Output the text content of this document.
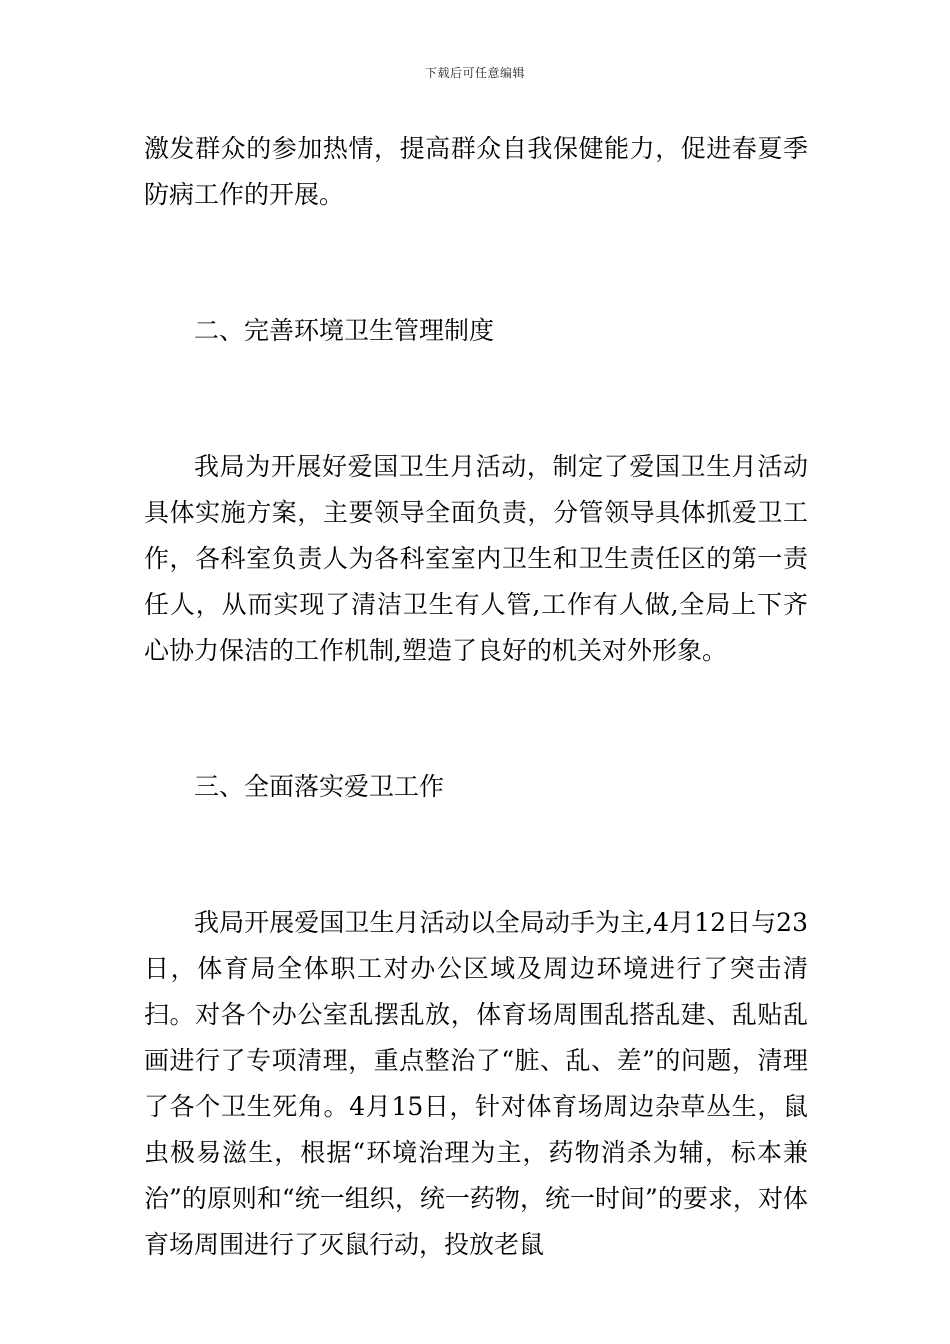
下载后可任意编辑

激发群众的参加热情，提高群众自我保健能力，促进春夏季防病工作的开展。

二、完善环境卫生管理制度

我局为开展好爱国卫生月活动，制定了爱国卫生月活动具体实施方案，主要领导全面负责，分管领导具体抓爱卫工作，各科室负责人为各科室室内卫生和卫生责任区的第一责任人，从而实现了清洁卫生有人管,工作有人做,全局上下齐心协力保洁的工作机制,塑造了良好的机关对外形象。

三、全面落实爱卫工作

我局开展爱国卫生月活动以全局动手为主,4月12日与23日，体育局全体职工对办公区域及周边环境进行了突击清扫。对各个办公室乱摆乱放，体育场周围乱搭乱建、乱贴乱画进行了专项清理，重点整治了“脏、乱、差”的问题，清理了各个卫生死角。4月15日，针对体育场周边杂草丛生，鼠虫极易滋生，根据“环境治理为主，药物消杀为辅，标本兼治”的原则和“统一组织，统一药物，统一时间”的要求，对体育场周围进行了灭鼠行动，投放老鼠
